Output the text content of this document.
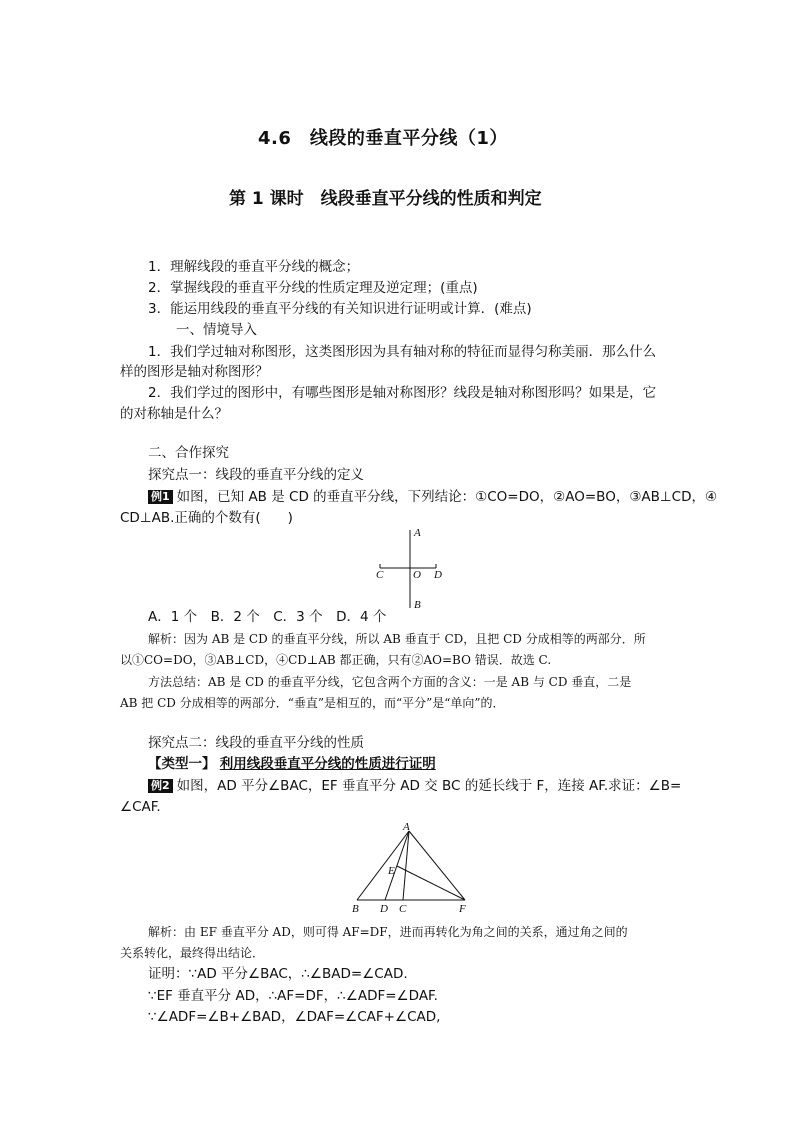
4.6　线段的垂直平分线（1）
第 1 课时　线段垂直平分线的性质和判定
1．理解线段的垂直平分线的概念；
2．掌握线段的垂直平分线的性质定理及逆定理；(重点)
3．能运用线段的垂直平分线的有关知识进行证明或计算．(难点)
一、情境导入
1．我们学过轴对称图形，这类图形因为具有轴对称的特征而显得匀称美丽．那么什么
样的图形是轴对称图形？
2．我们学过的图形中，有哪些图形是轴对称图形？线段是轴对称图形吗？如果是，它
的对称轴是什么？
二、合作探究
探究点一：线段的垂直平分线的定义
例1 如图，已知 AB 是 CD 的垂直平分线，下列结论：①CO=DO，②AO=BO，③AB⊥CD，④
CD⊥AB.正确的个数有(　　)
A
B
C	D
O
A．1 个　B．2 个　C．3 个　D．4 个
解析：因为 AB 是 CD 的垂直平分线，所以 AB 垂直于 CD，且把 CD 分成相等的两部分．所
以①CO=DO，③AB⊥CD，④CD⊥AB 都正确，只有②AO=BO 错误．故选 C.
方法总结：AB 是 CD 的垂直平分线，它包含两个方面的含义：一是 AB 与 CD 垂直，二是
AB 把 CD 分成相等的两部分．“垂直”是相互的，而“平分”是“单向”的．
探究点二：线段的垂直平分线的性质
【类型一】 利用线段垂直平分线的性质进行证明
例2 如图，AD 平分∠BAC，EF 垂直平分 AD 交 BC 的延长线于 F，连接 AF.求证：∠B=
∠CAF.
A
B D C	F
E
解析：由 EF 垂直平分 AD，则可得 AF=DF，进而再转化为角之间的关系，通过角之间的
关系转化，最终得出结论．
证明：∵AD 平分∠BAC，∴∠BAD=∠CAD.
∵EF 垂直平分 AD，∴AF=DF，∴∠ADF=∠DAF.
∵∠ADF=∠B+∠BAD，∠DAF=∠CAF+∠CAD,
